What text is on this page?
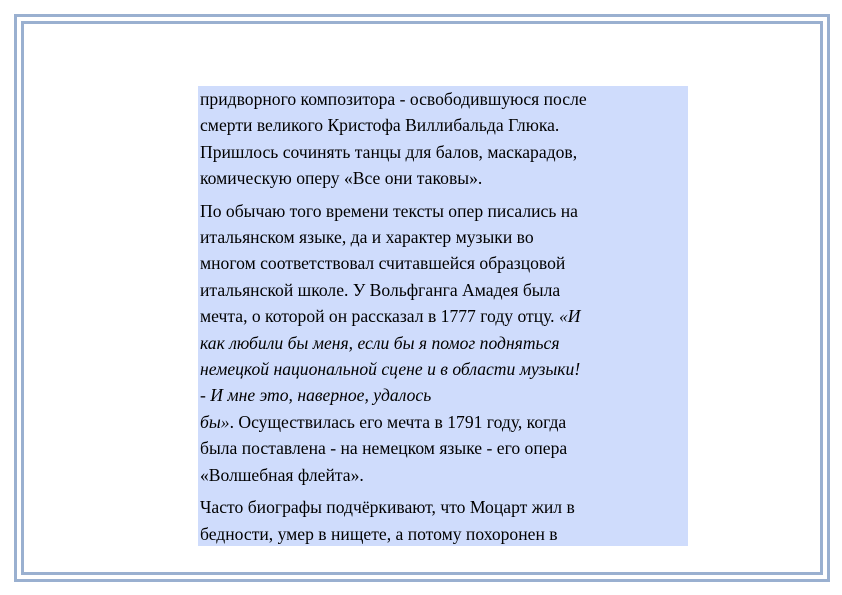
придворного композитора - освободившуюся после
смерти великого Кристофа Виллибальда Глюка.
Пришлось сочинять танцы для балов, маскарадов,
комическую оперу «Все они таковы».
По обычаю того времени тексты опер писались на
итальянском языке, да и характер музыки во
многом соответствовал считавшейся образцовой
итальянской школе. У Вольфганга Амадея была
мечта, о которой он рассказал в 1777 году отцу. «И
как любили бы меня, если бы я помог подняться
немецкой национальной сцене и в области музыки!
- И мне это, наверное, удалось
бы». Осуществилась его мечта в 1791 году, когда
была поставлена - на немецком языке - его опера
«Волшебная флейта».
Часто биографы подчёркивают, что Моцарт жил в
бедности, умер в нищете, а потому похоронен в
